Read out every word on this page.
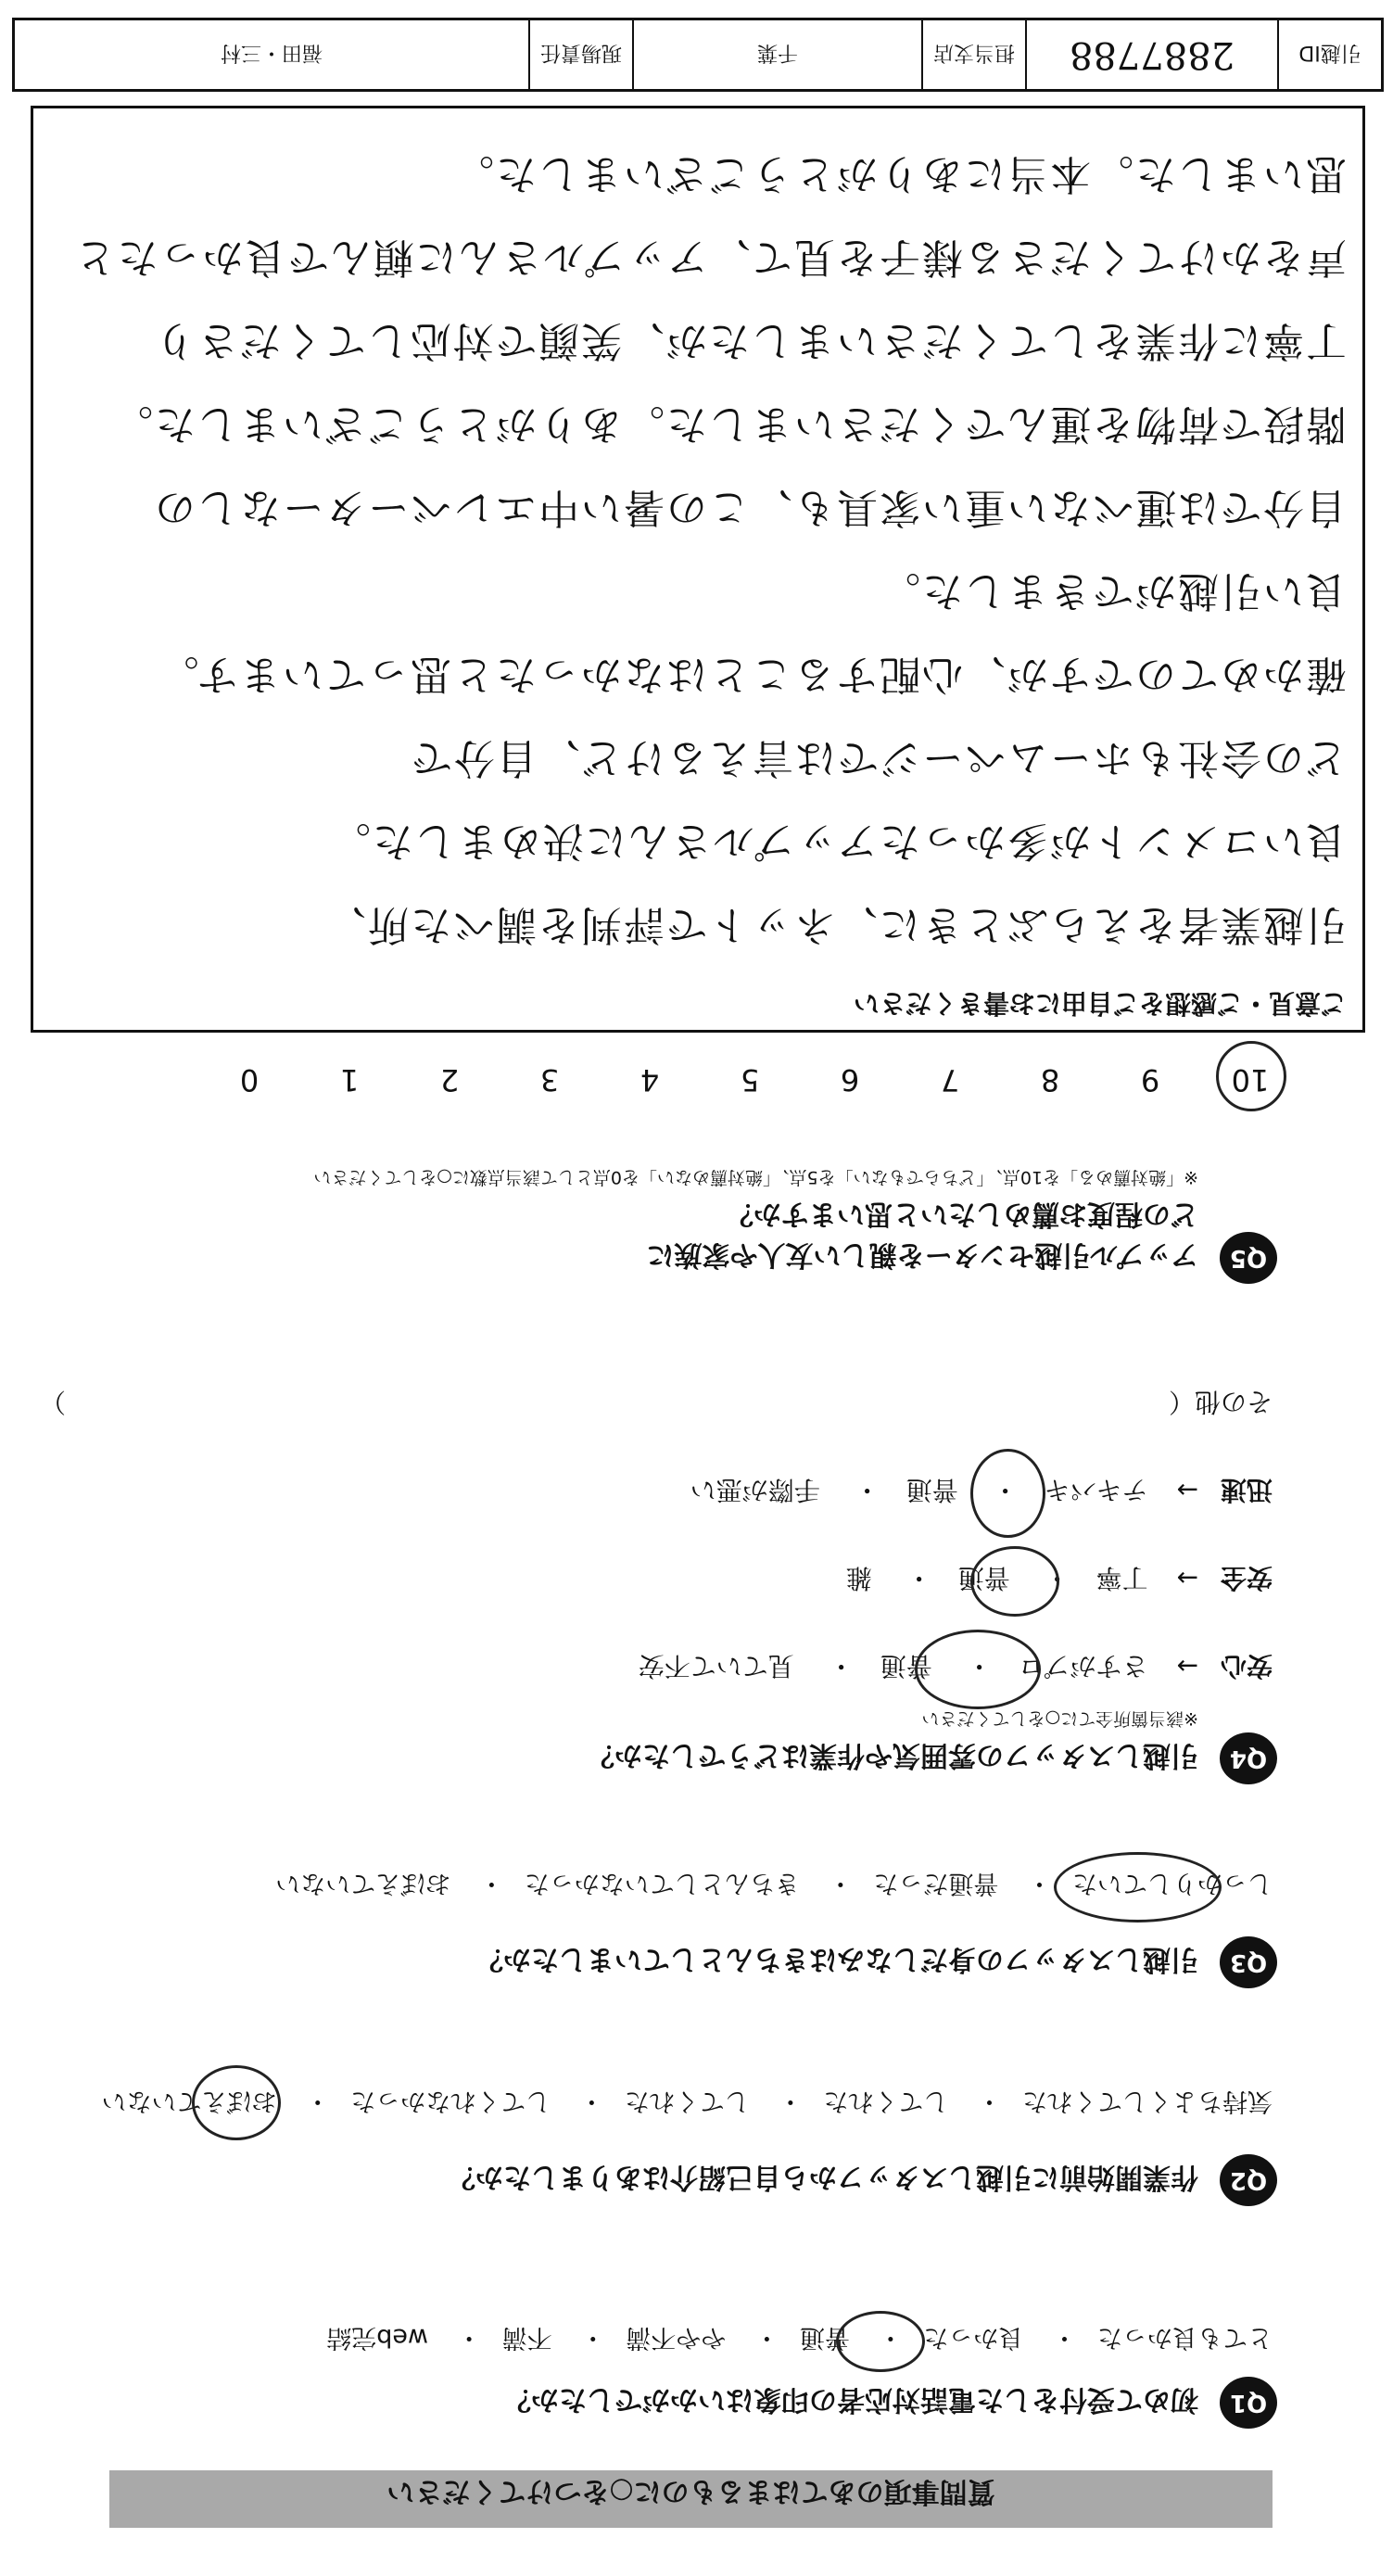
質問事項のあてはまるものに○をつけてください
Q1
初めて受付をした電話対応者の印象はいかがでしたか？
とても良かった・ 良かった・ 普通・ やや不満・ 不満・ web完結
Q2
作業開始前に引越しスタッフから自己紹介はありましたか？
気持ちよくしてくれた・ してくれた・ してくれた・ してくれなかった・ おぼえていない
Q3
引越しスタッフの身だしなみはきちんとしていましたか？
しっかりしていた・ 普通だった・ きちんとしていなかった・ おぼえていない
Q4
引越しスタッフの雰囲気や作業はどうでしたか？
※該当箇所全てに○をしてください
安心→ さすがプロ・ 普通・ 見ていて不安
安全→ 丁寧・ 普通・ 雑
迅速→ テキパキ・ 普通・ 手際が悪い
その他（
）
Q5
アップル引越センターを親しい友人や家族にどの程度お薦めしたいと思いますか？
※「絶対薦める」を10点、「どちらでもない」を5点、「絶対薦めない」を0点として該当点数に○をしてください
109876543210
ご意見・ご感想をご自由にお書きください
引越業者をえらぶときに、ネットで評判を調べた所、
良いコメントが多かったアップルさんに決めました。
どの会社もホームページでは言えるけど、自分で
確かめてのですが、心配することはなかったと思っています。
良い引越ができました。
自分では運べない重い家具も、この暑い中エレベーターなしの
階段で荷物を運んでくださいました。ありがとうございました。
丁寧に作業をしてくださいましたが、笑顔で対応してくださり
声をかけてくださる様子を見て、アップルさんに頼んで良かったと
思いました。本当にありがとうございました。
引越ID
2887788
担当支店
千葉
現場責任
福田・三村
